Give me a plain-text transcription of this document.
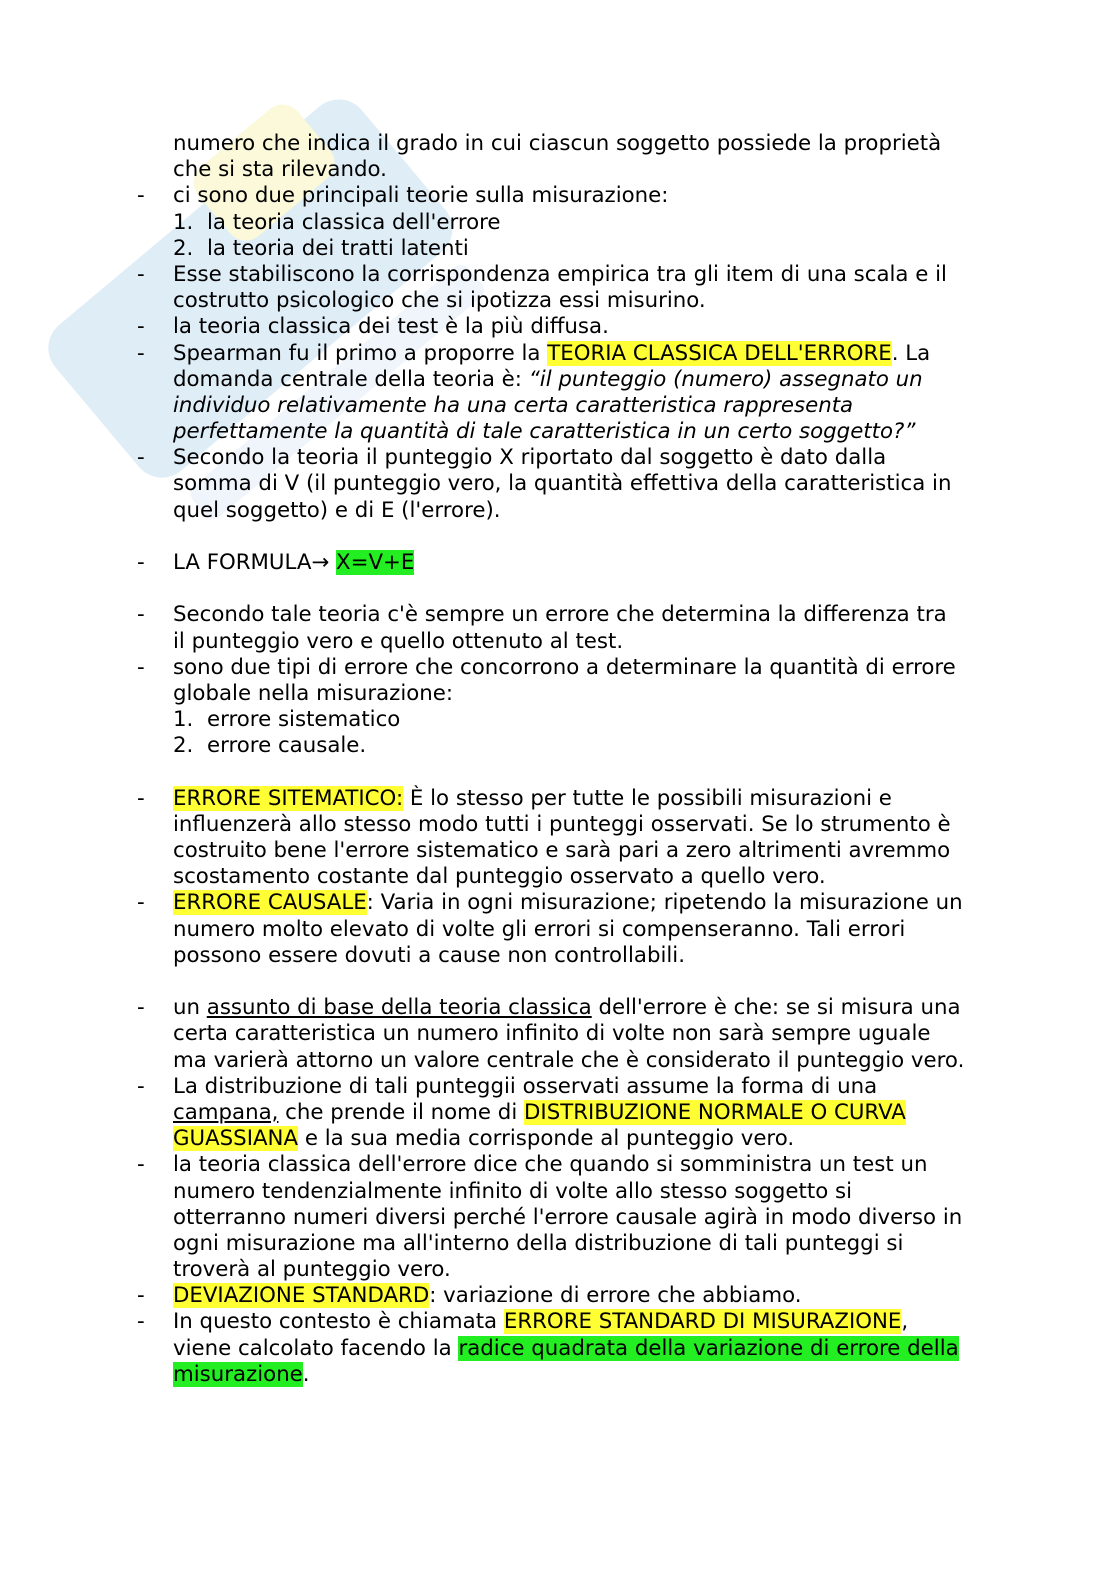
numero che indica il grado in cui ciascun soggetto possiede la proprietà
che si sta rilevando.
- ci sono due principali teorie sulla misurazione:
1. la teoria classica dell'errore
2. la teoria dei tratti latenti
- Esse stabiliscono la corrispondenza empirica tra gli item di una scala e il
costrutto psicologico che si ipotizza essi misurino.
- la teoria classica dei test è la più diffusa.
- Spearman fu il primo a proporre la TEORIA CLASSICA DELL'ERRORE. La
domanda centrale della teoria è: “il punteggio (numero) assegnato un
individuo relativamente ha una certa caratteristica rappresenta
perfettamente la quantità di tale caratteristica in un certo soggetto?”
- Secondo la teoria il punteggio X riportato dal soggetto è dato dalla
somma di V (il punteggio vero, la quantità effettiva della caratteristica in
quel soggetto) e di E (l'errore).
- LA FORMULA→ X=V+E
- Secondo tale teoria c'è sempre un errore che determina la differenza tra
il punteggio vero e quello ottenuto al test.
- sono due tipi di errore che concorrono a determinare la quantità di errore
globale nella misurazione:
1. errore sistematico
2. errore causale.
- ERRORE SITEMATICO: È lo stesso per tutte le possibili misurazioni e
influenzerà allo stesso modo tutti i punteggi osservati. Se lo strumento è
costruito bene l'errore sistematico e sarà pari a zero altrimenti avremmo
scostamento costante dal punteggio osservato a quello vero.
- ERRORE CAUSALE: Varia in ogni misurazione; ripetendo la misurazione un
numero molto elevato di volte gli errori si compenseranno. Tali errori
possono essere dovuti a cause non controllabili.
- un assunto di base della teoria classica dell'errore è che: se si misura una
certa caratteristica un numero infinito di volte non sarà sempre uguale
ma varierà attorno un valore centrale che è considerato il punteggio vero.
- La distribuzione di tali punteggii osservati assume la forma di una
campana, che prende il nome di DISTRIBUZIONE NORMALE O CURVA
GUASSIANA e la sua media corrisponde al punteggio vero.
- la teoria classica dell'errore dice che quando si somministra un test un
numero tendenzialmente infinito di volte allo stesso soggetto si
otterranno numeri diversi perché l'errore causale agirà in modo diverso in
ogni misurazione ma all'interno della distribuzione di tali punteggi si
troverà al punteggio vero.
- DEVIAZIONE STANDARD: variazione di errore che abbiamo.
- In questo contesto è chiamata ERRORE STANDARD DI MISURAZIONE,
viene calcolato facendo la radice quadrata della variazione di errore della
misurazione.
